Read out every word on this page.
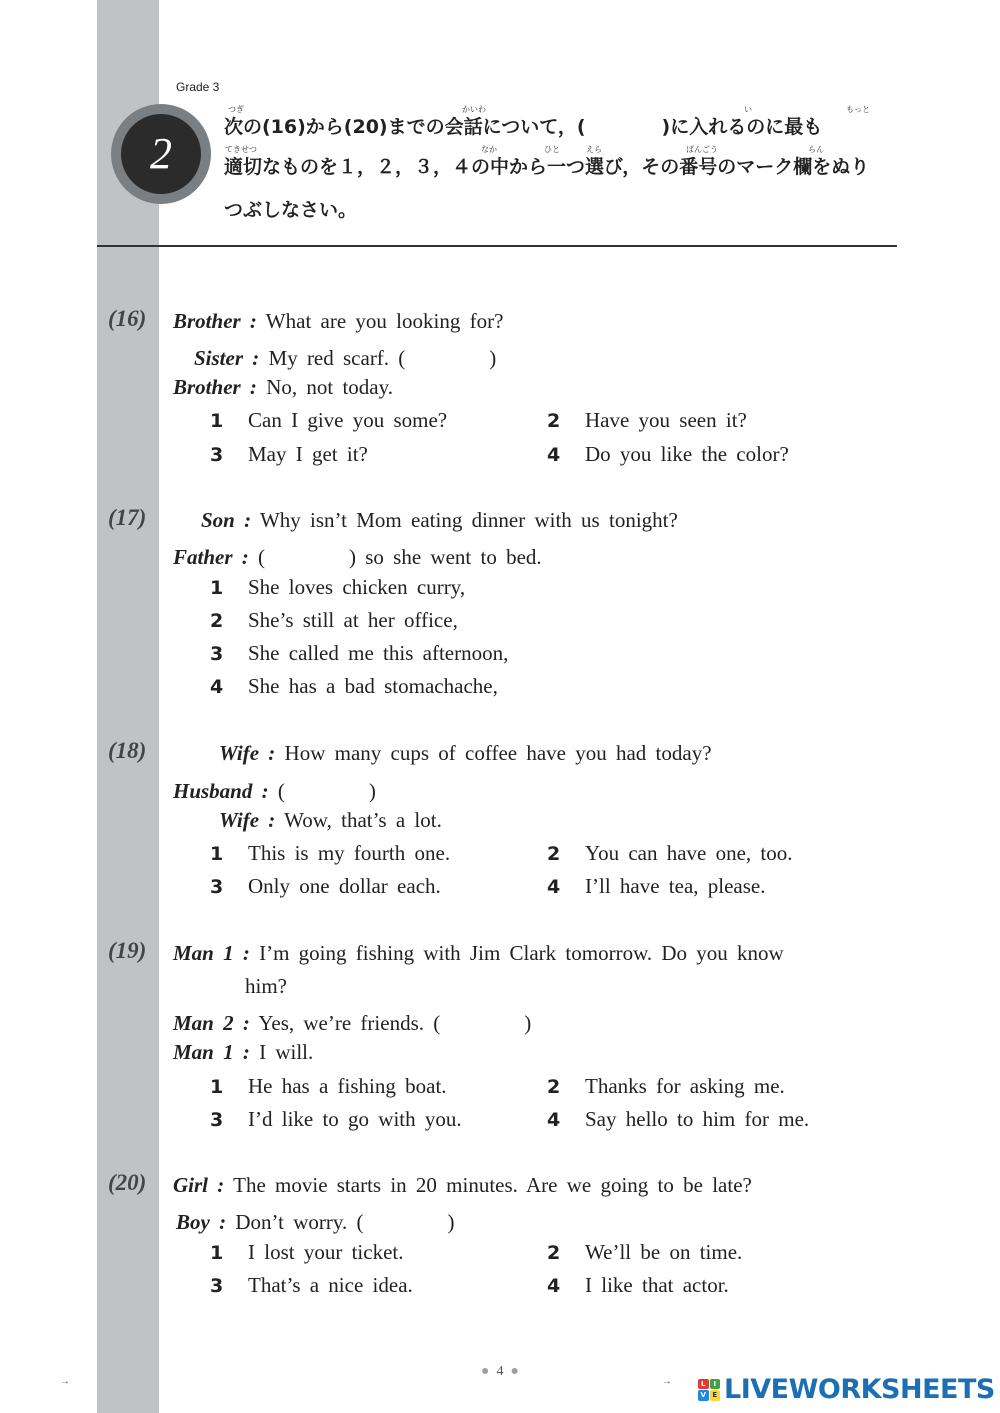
Grade 3
2
つぎ	かいわ	い	もっと
てきせつ	なか	ひと	えら	ばんごう	らん
次の(16)から(20)までの会話について，(　　　　)に入れるのに最も
適切なものを１，２，３，４の中から一つ選び，その番号のマーク欄をぬり
つぶしなさい。
(16) Brother : What are you looking for?
Sister : My red scarf. (　　　　)
Brother : No, not today.
1 Can I give you some?	2 Have you seen it?
3 May I get it?	4 Do you like the color?
(17)	Son : Why isn’t Mom eating dinner with us tonight?
Father : (　　　　) so she went to bed.
1 She loves chicken curry,
2 She’s still at her office,
3 She called me this afternoon,
4 She has a bad stomachache,
(18)	Wife : How many cups of coffee have you had today?
Husband : (　　　　)
Wife : Wow, that’s a lot.
1 This is my fourth one.	2 You can have one, too.
3 Only one dollar each.	4 I’ll have tea, please.
(19) Man 1 : I’m going fishing with Jim Clark tomorrow. Do you know
him?
Man 2 : Yes, we’re friends. (　　　　)
Man 1 : I will.
1 He has a fishing boat.	2 Thanks for asking me.
3 I’d like to go with you.	4 Say hello to him for me.
(20) Girl : The movie starts in 20 minutes. Are we going to be late?
Boy : Don’t worry. (　　　　)
1 I lost your ticket.	2 We’ll be on time.
3 That’s a nice idea.	4 I like that actor.
● 4 ●
→	→	L	I
V E LIVEWORKSHEETS
